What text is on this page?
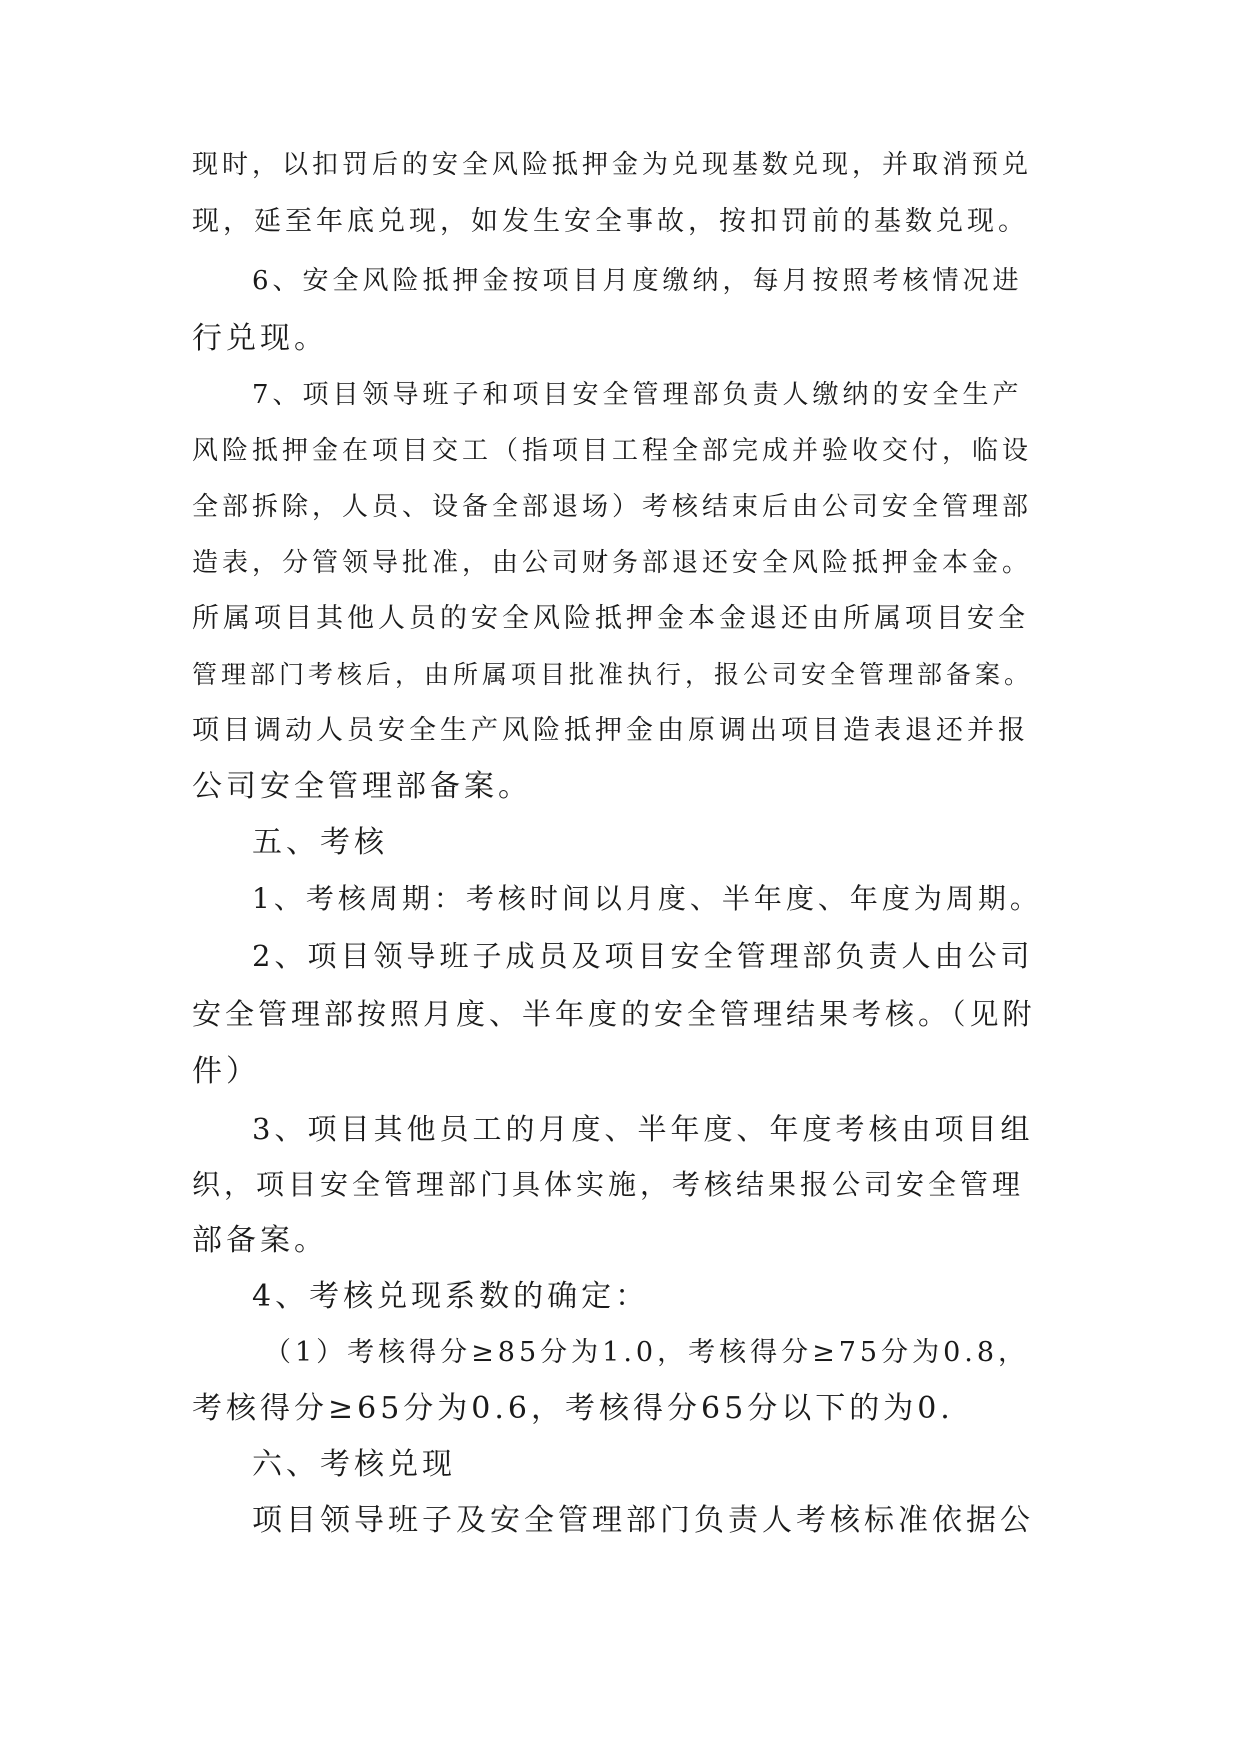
现时，以扣罚后的安全风险抵押金为兑现基数兑现，并取消预兑
现，延至年底兑现，如发生安全事故，按扣罚前的基数兑现。
6、安全风险抵押金按项目月度缴纳，每月按照考核情况进
行兑现。
7、项目领导班子和项目安全管理部负责人缴纳的安全生产
风险抵押金在项目交工（指项目工程全部完成并验收交付，临设
全部拆除，人员、设备全部退场）考核结束后由公司安全管理部
造表，分管领导批准，由公司财务部退还安全风险抵押金本金。
所属项目其他人员的安全风险抵押金本金退还由所属项目安全
管理部门考核后，由所属项目批准执行，报公司安全管理部备案。
项目调动人员安全生产风险抵押金由原调出项目造表退还并报
公司安全管理部备案。
五、考核
1、考核周期：考核时间以月度、半年度、年度为周期。
2、项目领导班子成员及项目安全管理部负责人由公司
安全管理部按照月度、半年度的安全管理结果考核。（见附
件）
3、项目其他员工的月度、半年度、年度考核由项目组
织，项目安全管理部门具体实施，考核结果报公司安全管理
部备案。
4、考核兑现系数的确定：
（1）考核得分≥85分为1.0，考核得分≥75分为0.8，
考核得分≥65分为0.6，考核得分65分以下的为0.
六、考核兑现
项目领导班子及安全管理部门负责人考核标准依据公
